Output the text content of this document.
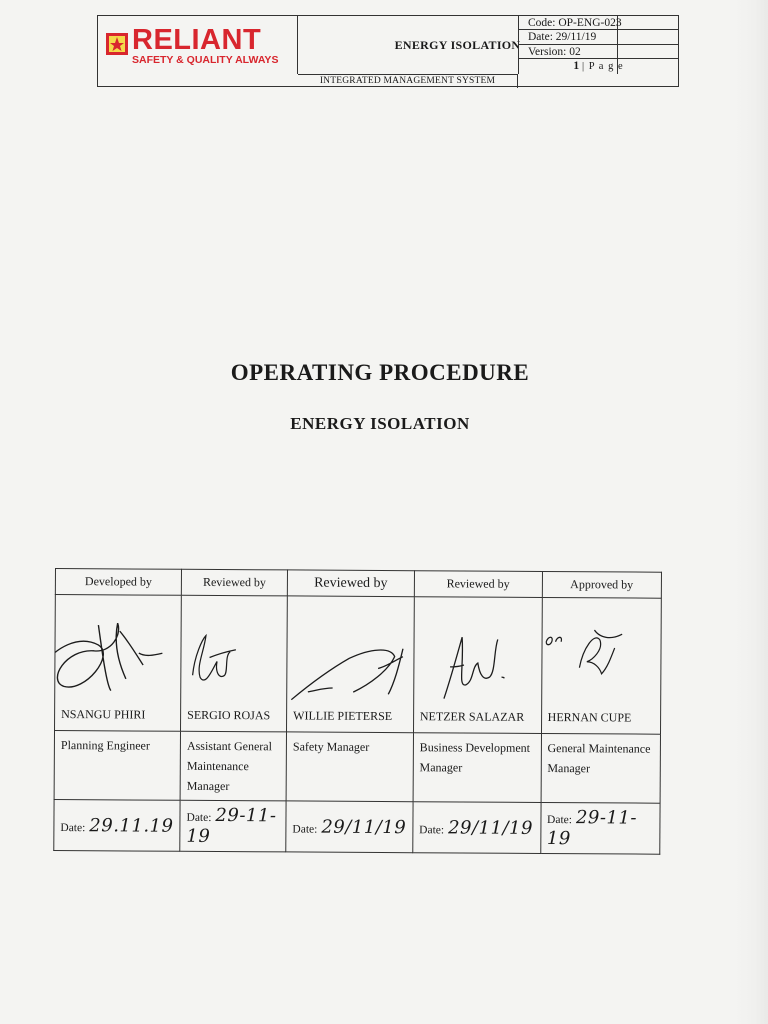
RELIANT
SAFETY & QUALITY ALWAYS
ENERGY ISOLATION
INTEGRATED MANAGEMENT SYSTEM
Code: OP-ENG-023
Date: 29/11/19
Version: 02
1 | P a g e
OPERATING PROCEDURE
ENERGY ISOLATION
Developed by	Reviewed by	Reviewed by	Reviewed by	Approved by

NSANGU PHIRI	SERGIO ROJAS	WILLIE PIETERSE	NETZER SALAZAR	HERNAN CUPE
Planning Engineer	Assistant General Maintenance Manager	Safety Manager	Business Development Manager	General Maintenance Manager
Date: 29.11.19	Date: 29-11-19	Date: 29/11/19	Date: 29/11/19	Date: 29-11-19
